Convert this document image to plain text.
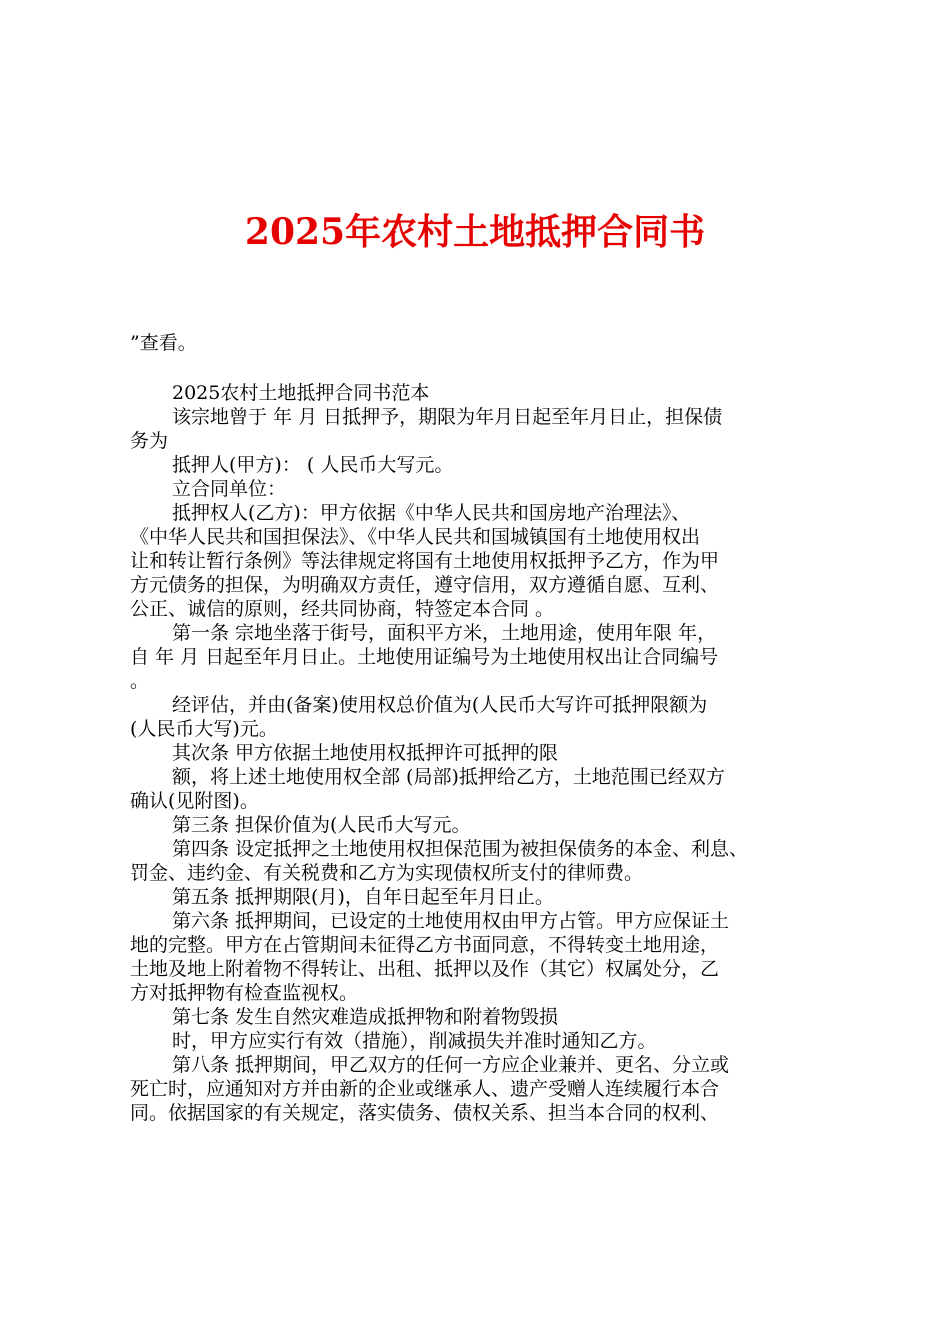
2025年农村土地抵押合同书
”查看。
2025农村土地抵押合同书范本
该宗地曾于 年 月 日抵押予，期限为年月日起至年月日止，担保债
务为
抵押人(甲方)： ( 人民币大写元。
立合同单位：
抵押权人(乙方)：甲方依据《中华人民共和国房地产治理法》、
《中华人民共和国担保法》、《中华人民共和国城镇国有土地使用权出
让和转让暂行条例》等法律规定将国有土地使用权抵押予乙方，作为甲
方元债务的担保，为明确双方责任，遵守信用，双方遵循自愿、互利、
公正、诚信的原则，经共同协商，特签定本合同 。
第一条 宗地坐落于街号，面积平方米，土地用途，使用年限 年，
自 年 月 日起至年月日止。土地使用证编号为土地使用权出让合同编号
。
经评估，并由(备案)使用权总价值为(人民币大写许可抵押限额为
(人民币大写)元。
其次条 甲方依据土地使用权抵押许可抵押的限
额，将上述土地使用权全部 (局部)抵押给乙方，土地范围已经双方
确认(见附图)。
第三条 担保价值为(人民币大写元。
第四条 设定抵押之土地使用权担保范围为被担保债务的本金、利息、
罚金、违约金、有关税费和乙方为实现债权所支付的律师费。
第五条 抵押期限(月)，自年日起至年月日止。
第六条 抵押期间，已设定的土地使用权由甲方占管。甲方应保证土
地的完整。甲方在占管期间未征得乙方书面同意，不得转变土地用途，
土地及地上附着物不得转让、出租、抵押以及作（其它）权属处分，乙
方对抵押物有检查监视权。
第七条 发生自然灾难造成抵押物和附着物毁损
时，甲方应实行有效（措施），削减损失并准时通知乙方。
第八条 抵押期间，甲乙双方的任何一方应企业兼并、更名、分立或
死亡时，应通知对方并由新的企业或继承人、遗产受赠人连续履行本合
同。依据国家的有关规定，落实债务、债权关系、担当本合同的权利、
